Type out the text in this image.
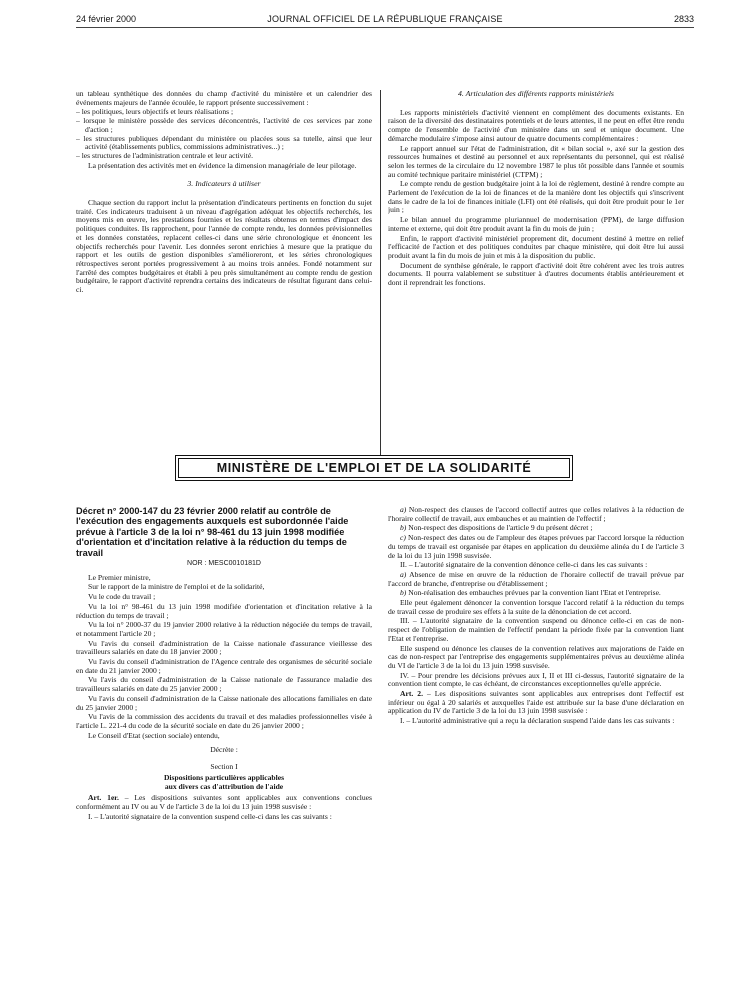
24 février 2000	JOURNAL OFFICIEL DE LA RÉPUBLIQUE FRANÇAISE	2833

un tableau synthétique des données du champ d'activité du ministère et un calendrier des événements majeurs de l'année écoulée, le rapport présente successivement :

– les politiques, leurs objectifs et leurs réalisations ;
– lorsque le ministère possède des services déconcentrés, l'activité de ces services par zone d'action ;
– les structures publiques dépendant du ministère ou placées sous sa tutelle, ainsi que leur activité (établissements publics, commissions administratives...) ;
– les structures de l'administration centrale et leur activité.

La présentation des activités met en évidence la dimension managériale de leur pilotage.

3. Indicateurs à utiliser

Chaque section du rapport inclut la présentation d'indicateurs pertinents en fonction du sujet traité. Ces indicateurs traduisent à un niveau d'agrégation adéquat les objectifs recherchés, les moyens mis en œuvre, les prestations fournies et les résultats obtenus en termes d'impact des politiques conduites. Ils rapprochent, pour l'année de compte rendu, les données prévisionnelles et les données constatées, replacent celles-ci dans une série chronologique et énoncent les objectifs recherchés pour l'avenir. Les données seront enrichies à mesure que la pratique du rapport et les outils de gestion disponibles s'amélioreront, et les séries chronologiques rétrospectives seront portées progressivement à au moins trois années. Fondé notamment sur l'arrêté des comptes budgétaires et établi à peu près simultanément au compte rendu de gestion budgétaire, le rapport d'activité reprendra certains des indicateurs de résultat figurant dans celui-ci.

4. Articulation des différents rapports ministériels

Les rapports ministériels d'activité viennent en complément des documents existants. En raison de la diversité des destinataires potentiels et de leurs attentes, il ne peut en effet être rendu compte de l'ensemble de l'activité d'un ministère dans un seul et unique document. Une démarche modulaire s'impose ainsi autour de quatre documents complémentaires :

Le rapport annuel sur l'état de l'administration, dit « bilan social », axé sur la gestion des ressources humaines et destiné au personnel et aux représentants du personnel, qui est réalisé selon les termes de la circulaire du 12 novembre 1987 le plus tôt possible dans l'année et soumis au comité technique paritaire ministériel (CTPM) ;

Le compte rendu de gestion budgétaire joint à la loi de règlement, destiné à rendre compte au Parlement de l'exécution de la loi de finances et de la manière dont les objectifs qui s'inscrivent dans le cadre de la loi de finances initiale (LFI) ont été réalisés, qui doit être produit pour le 1er juin ;

Le bilan annuel du programme pluriannuel de modernisation (PPM), de large diffusion interne et externe, qui doit être produit avant la fin du mois de juin ;

Enfin, le rapport d'activité ministériel proprement dit, document destiné à mettre en relief l'efficacité de l'action et des politiques conduites par chaque ministère, qui doit être lui aussi produit avant la fin du mois de juin et mis à la disposition du public.

Document de synthèse générale, le rapport d'activité doit être cohérent avec les trois autres documents. Il pourra valablement se substituer à d'autres documents établis antérieurement et dont il reprendrait les fonctions.

MINISTÈRE DE L'EMPLOI ET DE LA SOLIDARITÉ

Décret n° 2000-147 du 23 février 2000 relatif au contrôle de l'exécution des engagements auxquels est subordonnée l'aide prévue à l'article 3 de la loi n° 98-461 du 13 juin 1998 modifiée d'orientation et d'incitation relative à la réduction du temps de travail

NOR : MESC0010181D

Le Premier ministre,

Sur le rapport de la ministre de l'emploi et de la solidarité,

Vu le code du travail ;

Vu la loi n° 98-461 du 13 juin 1998 modifiée d'orientation et d'incitation relative à la réduction du temps de travail ;

Vu la loi n° 2000-37 du 19 janvier 2000 relative à la réduction négociée du temps de travail, et notamment l'article 20 ;

Vu l'avis du conseil d'administration de la Caisse nationale d'assurance vieillesse des travailleurs salariés en date du 18 janvier 2000 ;

Vu l'avis du conseil d'administration de l'Agence centrale des organismes de sécurité sociale en date du 21 janvier 2000 ;

Vu l'avis du conseil d'administration de la Caisse nationale de l'assurance maladie des travailleurs salariés en date du 25 janvier 2000 ;

Vu l'avis du conseil d'administration de la Caisse nationale des allocations familiales en date du 25 janvier 2000 ;

Vu l'avis de la commission des accidents du travail et des maladies professionnelles visée à l'article L. 221-4 du code de la sécurité sociale en date du 26 janvier 2000 ;

Le Conseil d'Etat (section sociale) entendu,

Décrète :

Section I

Dispositions particulières applicables

aux divers cas d'attribution de l'aide

Art. 1er. – Les dispositions suivantes sont applicables aux conventions conclues conformément au IV ou au V de l'article 3 de la loi du 13 juin 1998 susvisée :

I. – L'autorité signataire de la convention suspend celle-ci dans les cas suivants :

a) Non-respect des clauses de l'accord collectif autres que celles relatives à la réduction de l'horaire collectif de travail, aux embauches et au maintien de l'effectif ;

b) Non-respect des dispositions de l'article 9 du présent décret ;

c) Non-respect des dates ou de l'ampleur des étapes prévues par l'accord lorsque la réduction du temps de travail est organisée par étapes en application du deuxième alinéa du I de l'article 3 de la loi du 13 juin 1998 susvisée.

II. – L'autorité signataire de la convention dénonce celle-ci dans les cas suivants :

a) Absence de mise en œuvre de la réduction de l'horaire collectif de travail prévue par l'accord de branche, d'entreprise ou d'établissement ;

b) Non-réalisation des embauches prévues par la convention liant l'Etat et l'entreprise.

Elle peut également dénoncer la convention lorsque l'accord relatif à la réduction du temps de travail cesse de produire ses effets à la suite de la dénonciation de cet accord.

III. – L'autorité signataire de la convention suspend ou dénonce celle-ci en cas de non-respect de l'obligation de maintien de l'effectif pendant la période fixée par la convention liant l'Etat et l'entreprise.

Elle suspend ou dénonce les clauses de la convention relatives aux majorations de l'aide en cas de non-respect par l'entreprise des engagements supplémentaires prévus au deuxième alinéa du VI de l'article 3 de la loi du 13 juin 1998 susvisée.

IV. – Pour prendre les décisions prévues aux I, II et III ci-dessus, l'autorité signataire de la convention tient compte, le cas échéant, de circonstances exceptionnelles qu'elle apprécie.

Art. 2. – Les dispositions suivantes sont applicables aux entreprises dont l'effectif est inférieur ou égal à 20 salariés et auxquelles l'aide est attribuée sur la base d'une déclaration en application du IV de l'article 3 de la loi du 13 juin 1998 susvisée :

I. – L'autorité administrative qui a reçu la déclaration suspend l'aide dans les cas suivants :
